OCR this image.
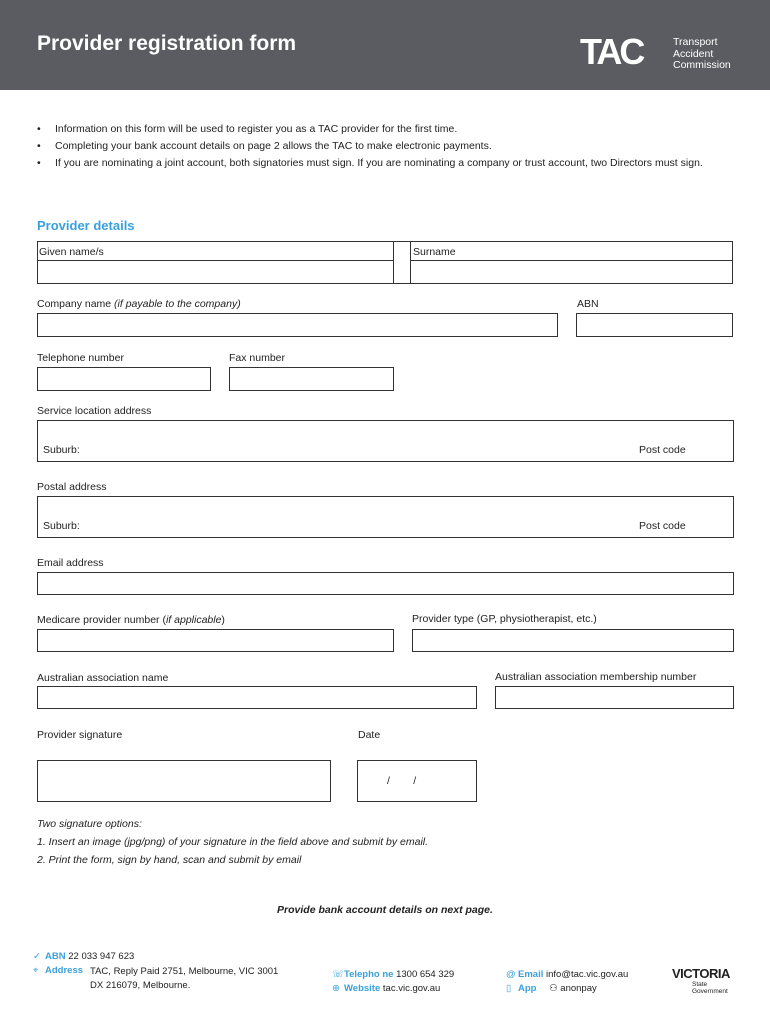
Provider registration form	TAC	Transport
Accident
Commission
• Information on this form will be used to register you as a TAC provider for the first time.
• Completing your bank account details on page 2 allows the TAC to make electronic payments.
• If you are nominating a joint account, both signatories must sign. If you are nominating a company or trust account, two Directors must sign.
Provider details
Given name/s	Surname
Company name (if payable to the company)	ABN
Telephone number	Fax number
Service location address
Suburb:	Post code
Postal address
Suburb:	Post code
Email address
Medicare provider number (if applicable)	Provider type (GP, physiotherapist, etc.)
Australian association name	Australian association membership number
Provider signature	Date
/        /
Two signature options:
1. Insert an image (jpg/png) of your signature in the field above and submit by email.
2. Print the form, sign by hand, scan and submit by email
Provide bank account details on next page.
✓ ABN 22 033 947 623
⌖ Address TAC, Reply Paid 2751, Melbourne, VIC 3001
DX 216079, Melbourne.
☏Telepho ne 1300 654 329
⊕ Website tac.vic.gov.au
@ Email info@tac.vic.gov.au
▯ App ⚇ anonpay
VICTORIA
State
Government
